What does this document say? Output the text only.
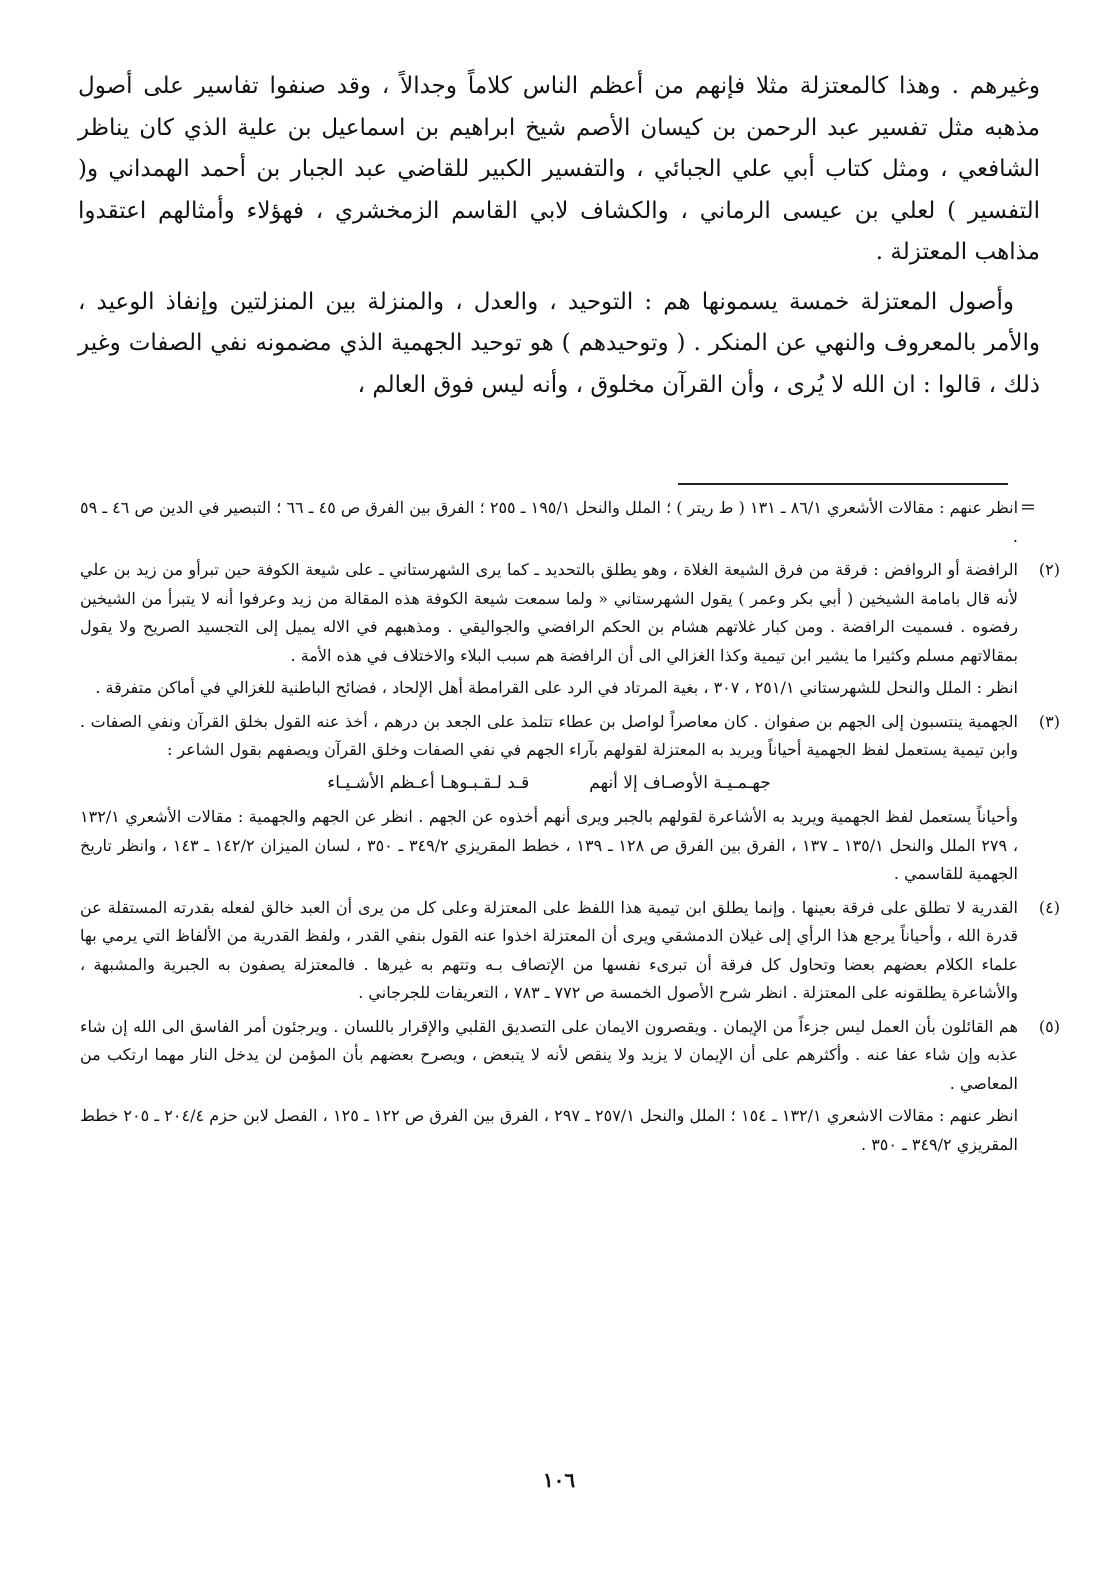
وغيرهم . وهذا كالمعتزلة مثلا فإنهم من أعظم الناس كلاماً وجدالاً ، وقد صنفوا تفاسير على أصول مذهبه مثل تفسير عبد الرحمن بن كيسان الأصم شيخ ابراهيم بن اسماعيل بن علية الذي كان يناظر الشافعي ، ومثل كتاب أبي علي الجبائي ، والتفسير الكبير للقاضي عبد الجبار بن أحمد الهمداني و( التفسير ) لعلي بن عيسى الرماني ، والكشاف لابي القاسم الزمخشري ، فهؤلاء وأمثالهم اعتقدوا مذاهب المعتزلة .

وأصول المعتزلة خمسة يسمونها هم : التوحيد ، والعدل ، والمنزلة بين المنزلتين وإنفاذ الوعيد ، والأمر بالمعروف والنهي عن المنكر . ( وتوحيدهم ) هو توحيد الجهمية الذي مضمونه نفي الصفات وغير ذلك ، قالوا : ان الله لا يُرى ، وأن القرآن مخلوق ، وأنه ليس فوق العالم ،

=

انظر عنهم : مقالات الأشعري ٨٦/١ ـ ١٣١ ( ط ريتر ) ؛ الملل والنحل ١٩٥/١ ـ ٢٥٥ ؛ الفرق بين الفرق ص ٤٥ ـ ٦٦ ؛ التبصير في الدين ص ٤٦ ـ ٥٩ .

(٢)

الرافضة أو الروافض : فرقة من فرق الشيعة الغلاة ، وهو يطلق بالتحديد ـ كما يرى الشهرستاني ـ على شيعة الكوفة حين تبرأو من زيد بن علي لأنه قال بامامة الشيخين ( أبي بكر وعمر ) يقول الشهرستاني « ولما سمعت شيعة الكوفة هذه المقالة من زيد وعرفوا أنه لا يتبرأ من الشيخين رفضوه . فسميت الرافضة . ومن كبار غلاتهم هشام بن الحكم الرافضي والجواليقي . ومذهبهم في الاله يميل إلى التجسيد الصريح ولا يقول بمقالاتهم مسلم وكثيرا ما يشير ابن تيمية وكذا الغزالي الى أن الرافضة هم سبب البلاء والاختلاف في هذه الأمة .

انظر : الملل والنحل للشهرستاني ٢٥١/١ ، ٣٠٧ ، بغية المرتاد في الرد على القرامطة أهل الإلحاد ، فضائح الباطنية للغزالي في أماكن متفرقة .

(٣)

الجهمية ينتسبون إلى الجهم بن صفوان . كان معاصراً لواصل بن عطاء تتلمذ على الجعد بن درهم ، أخذ عنه القول بخلق القرآن ونفي الصفات . وابن تيمية يستعمل لفظ الجهمية أحياناً ويريد به المعتزلة لقولهم بآراء الجهم في نفي الصفات وخلق القرآن ويصفهم بقول الشاعر :

جهـمـيـة الأوصـاف إلا أنهم
قـد لـقـبـوهـا أعـظم الأشـيـاء

وأحياناً يستعمل لفظ الجهمية ويريد به الأشاعرة لقولهم بالجبر ويرى أنهم أخذوه عن الجهم . انظر عن الجهم والجهمية : مقالات الأشعري ١٣٢/١ ، ٢٧٩ الملل والنحل ١٣٥/١ ـ ١٣٧ ، الفرق بين الفرق ص ١٢٨ ـ ١٣٩ ، خطط المقريزي ٣٤٩/٢ ـ ٣٥٠ ، لسان الميزان ١٤٢/٢ ـ ١٤٣ ، وانظر تاريخ الجهمية للقاسمي .

(٤)

القدرية لا تطلق على فرقة بعينها . وإنما يطلق ابن تيمية هذا اللفظ على المعتزلة وعلى كل من يرى أن العبد خالق لفعله بقدرته المستقلة عن قدرة الله ، وأحياناً يرجع هذا الرأي إلى غيلان الدمشقي ويرى أن المعتزلة اخذوا عنه القول بنفي القدر ، ولفظ القدرية من الألفاظ التي يرمي بها علماء الكلام بعضهم بعضا وتحاول كل فرقة أن تبرىء نفسها من الإتصاف بـه وتتهم به غيرها . فالمعتزلة يصفون به الجبرية والمشبهة ، والأشاعرة يطلقونه على المعتزلة . انظر شرح الأصول الخمسة ص ٧٧٢ ـ ٧٨٣ ، التعريفات للجرجاني .

(٥)

هم القائلون بأن العمل ليس جزءاً من الإيمان . ويقصرون الايمان على التصديق القلبي والإقرار باللسان . ويرجئون أمر الفاسق الى الله إن شاء عذبه وإن شاء عفا عنه . وأكثرهم على أن الإيمان لا يزيد ولا ينقص لأنه لا يتبعض ، ويصرح بعضهم بأن المؤمن لن يدخل النار مهما ارتكب من المعاصي .

انظر عنهم : مقالات الاشعري ١٣٢/١ ـ ١٥٤ ؛ الملل والنحل ٢٥٧/١ ـ ٢٩٧ ، الفرق بين الفرق ص ١٢٢ ـ ١٢٥ ، الفصل لابن حزم ٢٠٤/٤ ـ ٢٠٥ خطط المقريزي ٣٤٩/٢ ـ ٣٥٠ .

١٠٦
